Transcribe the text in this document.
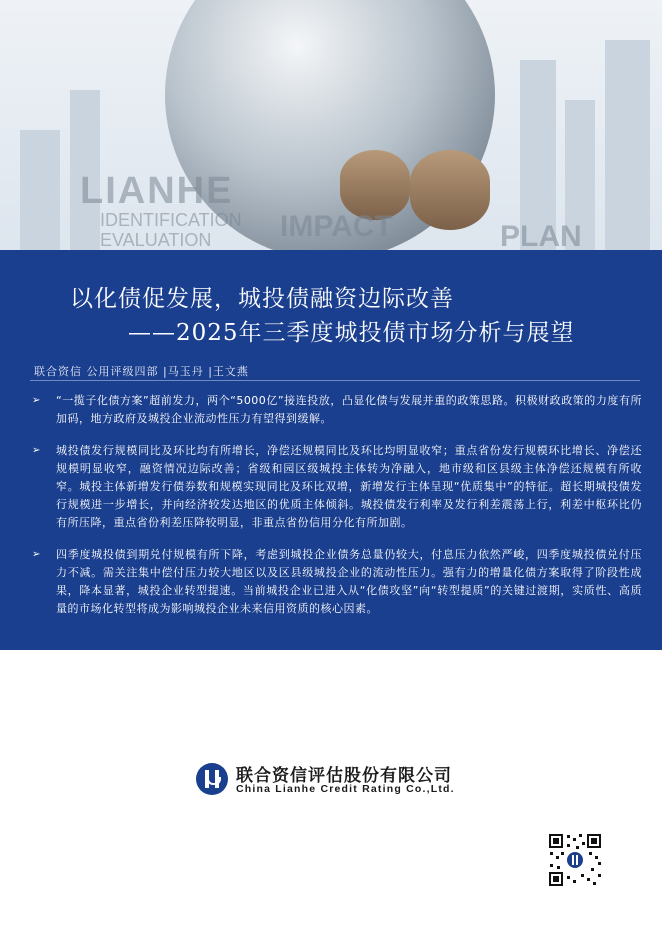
LIANHE
IDENTIFICATION
EVALUATION IMPACT	PLAN
以化债促发展，城投债融资边际改善
——2025年三季度城投债市场分析与展望
联合资信 公用评级四部 |马玉丹 |王文燕
➢ “一揽子化债方案”超前发力，两个“5000亿”接连投放，凸显化债与发展并重的政策思路。积极财政政策的力度有所加码，地方政府及城投企业流动性压力有望得到缓解。
➢ 城投债发行规模同比及环比均有所增长，净偿还规模同比及环比均明显收窄；重点省份发行规模环比增长、净偿还规模明显收窄，融资情况边际改善；省级和园区级城投主体转为净融入，地市级和区县级主体净偿还规模有所收窄。城投主体新增发行债券数和规模实现同比及环比双增，新增发行主体呈现“优质集中”的特征。超长期城投债发行规模进一步增长，并向经济较发达地区的优质主体倾斜。城投债发行利率及发行利差震荡上行，利差中枢环比仍有所压降，重点省份利差压降较明显，非重点省份信用分化有所加剧。
➢ 四季度城投债到期兑付规模有所下降，考虑到城投企业债务总量仍较大，付息压力依然严峻，四季度城投债兑付压力不减。需关注集中偿付压力较大地区以及区县级城投企业的流动性压力。强有力的增量化债方案取得了阶段性成果，降本显著，城投企业转型提速。当前城投企业已进入从“化债攻坚”向“转型提质”的关键过渡期，实质性、高质量的市场化转型将成为影响城投企业未来信用资质的核心因素。
联合资信评估股份有限公司
China Lianhe Credit Rating Co.,Ltd.
